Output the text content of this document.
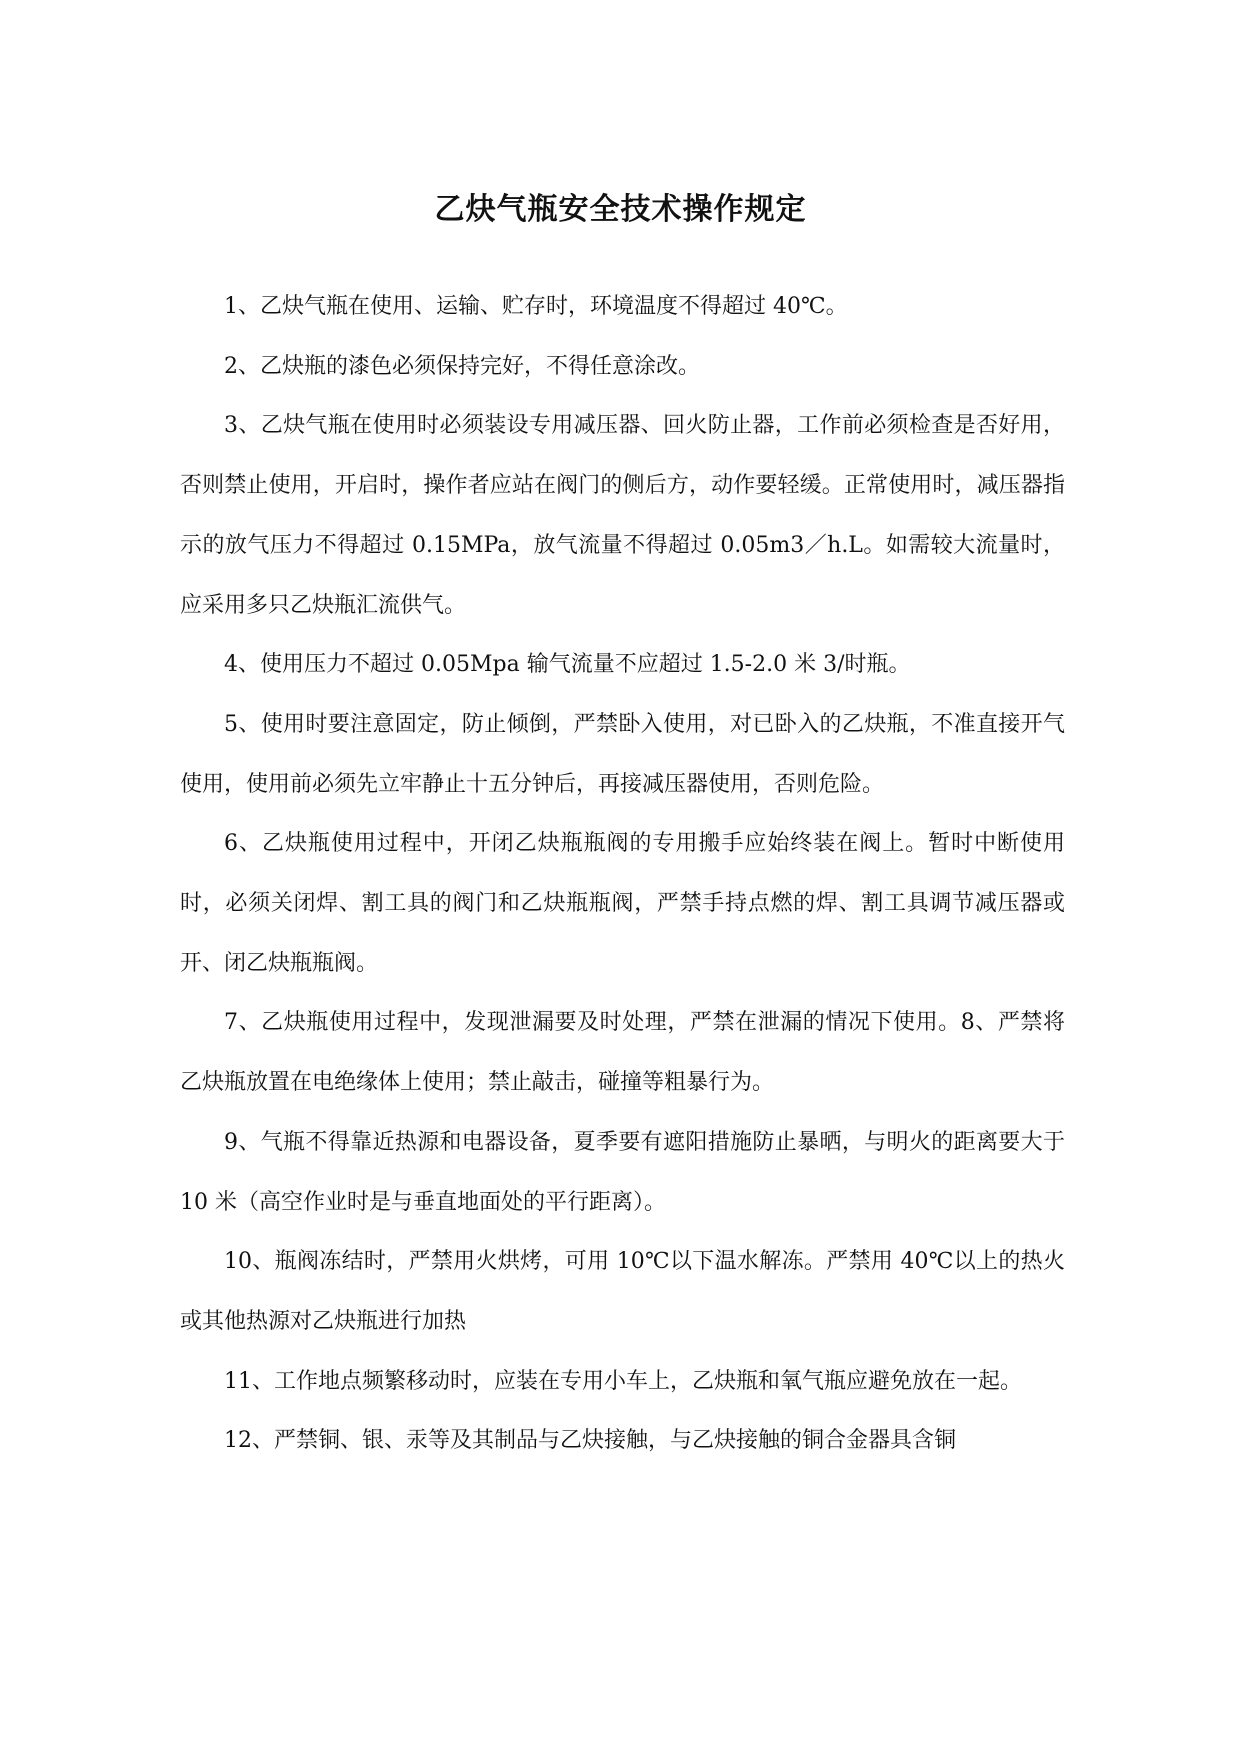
乙炔气瓶安全技术操作规定

1、乙炔气瓶在使用、运输、贮存时，环境温度不得超过 40℃。

2、乙炔瓶的漆色必须保持完好，不得任意涂改。

3、乙炔气瓶在使用时必须装设专用减压器、回火防止器，工作前必须检查是否好用，否则禁止使用，开启时，操作者应站在阀门的侧后方，动作要轻缓。正常使用时，减压器指示的放气压力不得超过 0.15MPa，放气流量不得超过 0.05m3／h.L。如需较大流量时，应采用多只乙炔瓶汇流供气。

4、使用压力不超过 0.05Mpa 输气流量不应超过 1.5-2.0 米 3/时瓶。

5、使用时要注意固定，防止倾倒，严禁卧入使用，对已卧入的乙炔瓶，不准直接开气使用，使用前必须先立牢静止十五分钟后，再接减压器使用，否则危险。

6、乙炔瓶使用过程中，开闭乙炔瓶瓶阀的专用搬手应始终装在阀上。暂时中断使用时，必须关闭焊、割工具的阀门和乙炔瓶瓶阀，严禁手持点燃的焊、割工具调节减压器或开、闭乙炔瓶瓶阀。

7、乙炔瓶使用过程中，发现泄漏要及时处理，严禁在泄漏的情况下使用。8、严禁将乙炔瓶放置在电绝缘体上使用；禁止敲击，碰撞等粗暴行为。

9、气瓶不得靠近热源和电器设备，夏季要有遮阳措施防止暴晒，与明火的距离要大于 10 米（高空作业时是与垂直地面处的平行距离）。

10、瓶阀冻结时，严禁用火烘烤，可用 10℃以下温水解冻。严禁用 40℃以上的热火或其他热源对乙炔瓶进行加热

11、工作地点频繁移动时，应装在专用小车上，乙炔瓶和氧气瓶应避免放在一起。

12、严禁铜、银、汞等及其制品与乙炔接触，与乙炔接触的铜合金器具含铜
